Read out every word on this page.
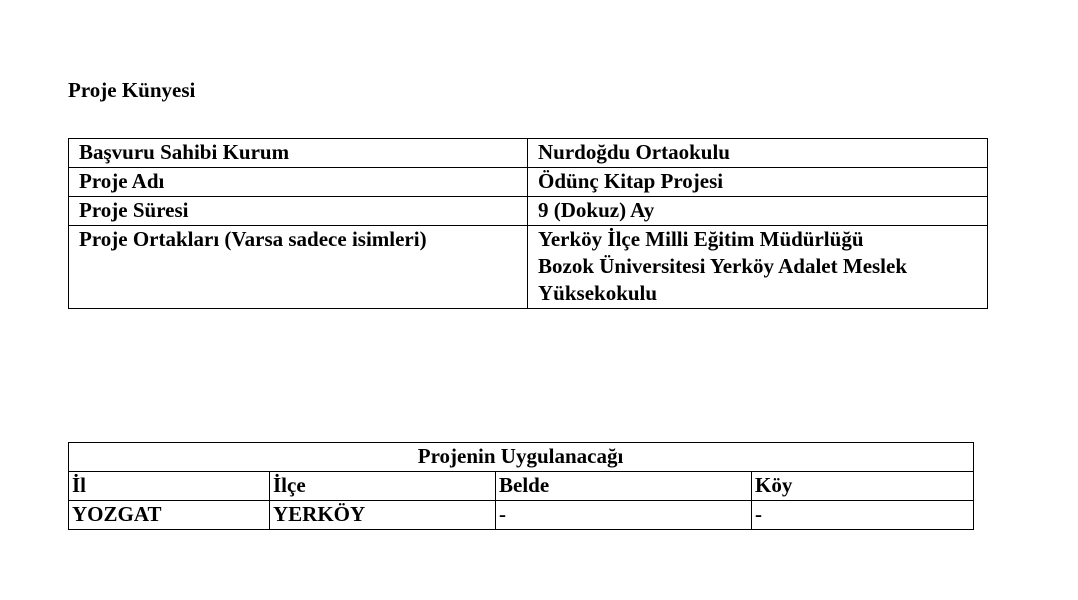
Proje Künyesi
Başvuru Sahibi Kurum	Nurdoğdu Ortaokulu

Proje Adı	Ödünç Kitap Projesi

Proje Süresi	9 (Dokuz) Ay

Proje Ortakları (Varsa sadece isimleri)	Yerköy İlçe Milli Eğitim Müdürlüğü
Bozok Üniversitesi Yerköy Adalet Meslek
Yüksekokulu
Projenin Uygulanacağı			
İl	İlçe	Belde	Köy
YOZGAT	YERKÖY	-	-
